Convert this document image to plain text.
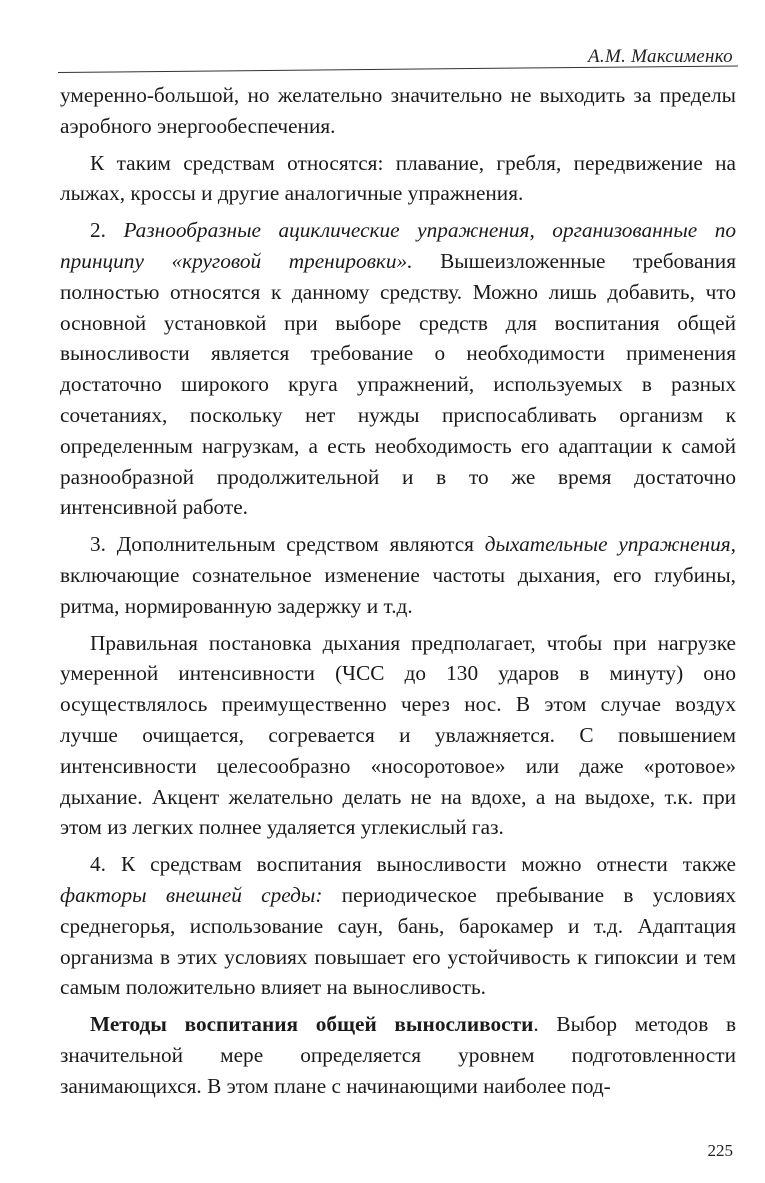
А.М. Максименко

умеренно-большой, но желательно значительно не выходить за пределы аэробного энергообеспечения.

К таким средствам относятся: плавание, гребля, передвижение на лыжах, кроссы и другие аналогичные упражнения.

2. Разнообразные ациклические упражнения, организованные по принципу «круговой тренировки». Вышеизложенные требования полностью относятся к данному средству. Можно лишь добавить, что основной установкой при выборе средств для воспитания общей выносливости является требование о необходимости применения достаточно широкого круга упражнений, используемых в разных сочетаниях, поскольку нет нужды приспосабливать организм к определенным нагрузкам, а есть необходимость его адаптации к самой разнообразной продолжительной и в то же время достаточно интенсивной работе.

3. Дополнительным средством являются дыхательные упражнения, включающие сознательное изменение частоты дыхания, его глубины, ритма, нормированную задержку и т.д.

Правильная постановка дыхания предполагает, чтобы при нагрузке умеренной интенсивности (ЧСС до 130 ударов в минуту) оно осуществлялось преимущественно через нос. В этом случае воздух лучше очищается, согревается и увлажняется. С повышением интенсивности целесообразно «носоротовое» или даже «ротовое» дыхание. Акцент желательно делать не на вдохе, а на выдохе, т.к. при этом из легких полнее удаляется углекислый газ.

4. К средствам воспитания выносливости можно отнести также факторы внешней среды: периодическое пребывание в условиях среднегорья, использование саун, бань, барокамер и т.д. Адаптация организма в этих условиях повышает его устойчивость к гипоксии и тем самым положительно влияет на выносливость.

Методы воспитания общей выносливости. Выбор методов в значительной мере определяется уровнем подготовленности занимающихся. В этом плане с начинающими наиболее под-

225
